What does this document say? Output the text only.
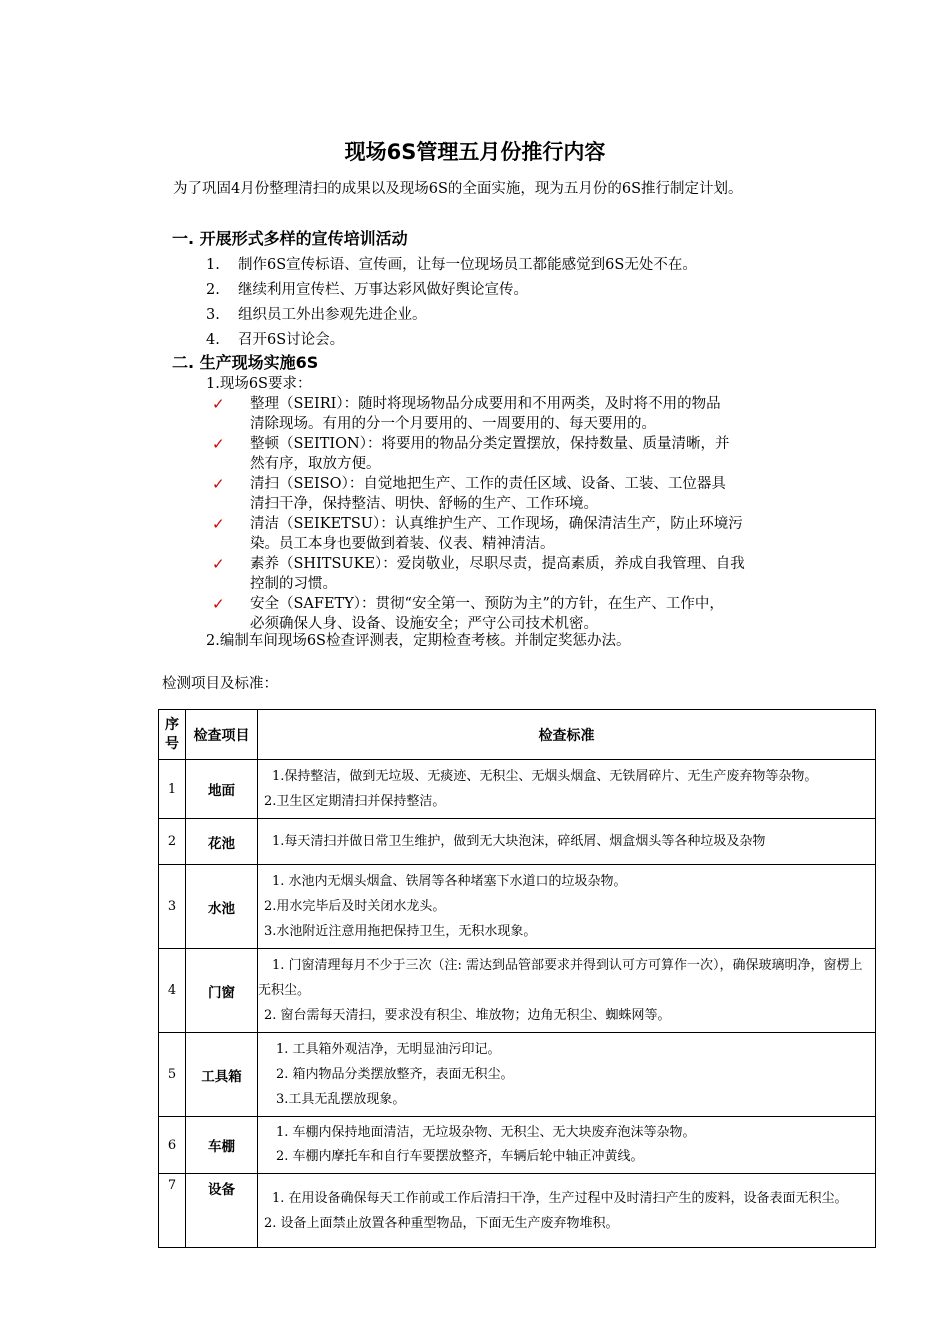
现场6S管理五月份推行内容
为了巩固4月份整理清扫的成果以及现场6S的全面实施，现为五月份的6S推行制定计划。
一. 开展形式多样的宣传培训活动
1. 制作6S宣传标语、宣传画，让每一位现场员工都能感觉到6S无处不在。
2. 继续利用宣传栏、万事达彩风做好舆论宣传。
3. 组织员工外出参观先进企业。
4. 召开6S讨论会。
二. 生产现场实施6S
1.现场6S要求：
✓ 整理（SEIRI）：随时将现场物品分成要用和不用两类，及时将不用的物品
清除现场。有用的分一个月要用的、一周要用的、每天要用的。
✓ 整顿（SEITION）：将要用的物品分类定置摆放，保持数量、质量清晰，并
然有序，取放方便。
✓ 清扫（SEISO）：自觉地把生产、工作的责任区域、设备、工装、工位器具
清扫干净，保持整洁、明快、舒畅的生产、工作环境。
✓ 清洁（SEIKETSU）：认真维护生产、工作现场，确保清洁生产，防止环境污
染。员工本身也要做到着装、仪表、精神清洁。
✓ 素养（SHITSUKE）：爱岗敬业，尽职尽责，提高素质，养成自我管理、自我
控制的习惯。
✓ 安全（SAFETY）：贯彻“安全第一、预防为主”的方针，在生产、工作中，
必须确保人身、设备、设施安全；严守公司技术机密。
2.编制车间现场6S检查评测表，定期检查考核。并制定奖惩办法。
检测项目及标准：
序号	检查项目	检查标准
1	地面	1.保持整洁，做到无垃圾、无痰迹、无积尘、无烟头烟盒、无铁屑碎片、无生产废弃物等杂物。
2.卫生区定期清扫并保持整洁。

2	花池	1.每天清扫并做日常卫生维护，做到无大块泡沫，碎纸屑、烟盒烟头等各种垃圾及杂物

3	水池	1. 水池内无烟头烟盒、铁屑等各种堵塞下水道口的垃圾杂物。
2.用水完毕后及时关闭水龙头。
3.水池附近注意用拖把保持卫生，无积水现象。

4	门窗	1. 门窗清理每月不少于三次（注: 需达到品管部要求并得到认可方可算作一次），确保玻璃明净，窗楞上无积尘。
2. 窗台需每天清扫，要求没有积尘、堆放物；边角无积尘、蜘蛛网等。

5	工具箱	1. 工具箱外观洁净，无明显油污印记。
2. 箱内物品分类摆放整齐，表面无积尘。
3.工具无乱摆放现象。

6	车棚	1. 车棚内保持地面清洁，无垃圾杂物、无积尘、无大块废弃泡沫等杂物。
2. 车棚内摩托车和自行车要摆放整齐，车辆后轮中轴正冲黄线。

7	设备	1. 在用设备确保每天工作前或工作后清扫干净，生产过程中及时清扫产生的废料，设备表面无积尘。
2. 设备上面禁止放置各种重型物品，下面无生产废弃物堆积。
